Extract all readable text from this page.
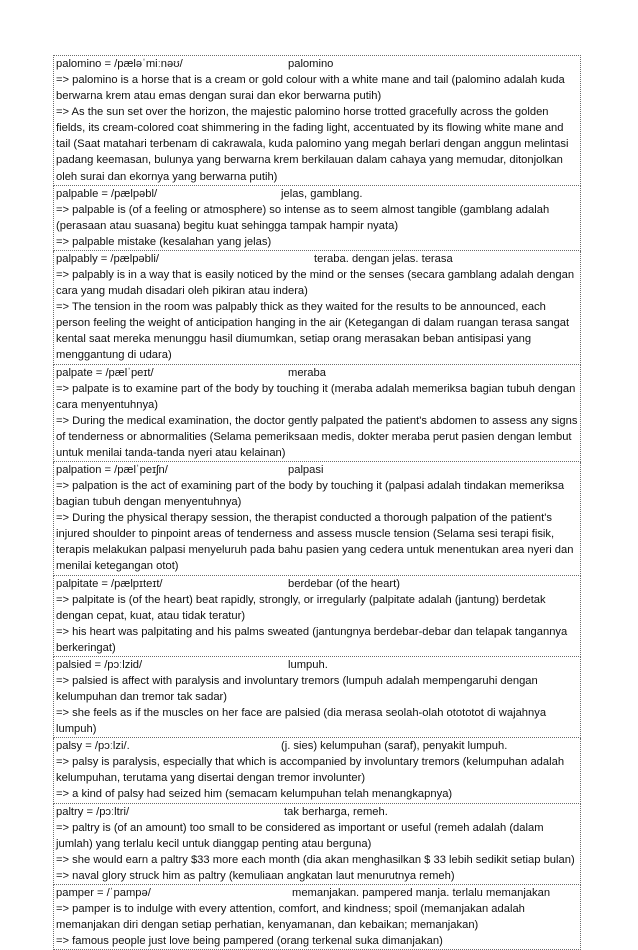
palomino = /pæləˈmiːnəʊ/	palomino
=> palomino is a horse that is a cream or gold colour with a white mane and tail (palomino adalah kuda berwarna krem atau emas dengan surai dan ekor berwarna putih)
=> As the sun set over the horizon, the majestic palomino horse trotted gracefully across the golden fields, its cream-colored coat shimmering in the fading light, accentuated by its flowing white mane and tail (Saat matahari terbenam di cakrawala, kuda palomino yang megah berlari dengan anggun melintasi padang keemasan, bulunya yang berwarna krem berkilauan dalam cahaya yang memudar, ditonjolkan oleh surai dan ekornya yang berwarna putih)
palpable = /pælpəbl/	jelas, gamblang.
=> palpable is (of a feeling or atmosphere) so intense as to seem almost tangible (gamblang adalah (perasaan atau suasana) begitu kuat sehingga tampak hampir nyata)
=> palpable mistake (kesalahan yang jelas)
palpably = /pælpəbli/	teraba. dengan jelas. terasa
=> palpably is in a way that is easily noticed by the mind or the senses (secara gamblang adalah dengan cara yang mudah disadari oleh pikiran atau indera)
=> The tension in the room was palpably thick as they waited for the results to be announced, each person feeling the weight of anticipation hanging in the air (Ketegangan di dalam ruangan terasa sangat kental saat mereka menunggu hasil diumumkan, setiap orang merasakan beban antisipasi yang menggantung di udara)
palpate = /pælˈpeɪt/	meraba
=> palpate is to examine part of the body by touching it (meraba adalah memeriksa bagian tubuh dengan cara menyentuhnya)
=> During the medical examination, the doctor gently palpated the patient's abdomen to assess any signs of tenderness or abnormalities (Selama pemeriksaan medis, dokter meraba perut pasien dengan lembut untuk menilai tanda-tanda nyeri atau kelainan)
palpation = /pælˈpeɪʃn/	palpasi
=> palpation is the act of examining part of the body by touching it (palpasi adalah tindakan memeriksa bagian tubuh dengan menyentuhnya)
=> During the physical therapy session, the therapist conducted a thorough palpation of the patient's injured shoulder to pinpoint areas of tenderness and assess muscle tension (Selama sesi terapi fisik, terapis melakukan palpasi menyeluruh pada bahu pasien yang cedera untuk menentukan area nyeri dan menilai ketegangan otot)
palpitate = /pælpɪteɪt/	berdebar (of the heart)
=> palpitate is (of the heart) beat rapidly, strongly, or irregularly (palpitate adalah (jantung) berdetak dengan cepat, kuat, atau tidak teratur)
=> his heart was palpitating and his palms sweated (jantungnya berdebar-debar dan telapak tangannya berkeringat)
palsied = /pɔːlzid/	lumpuh.
=> palsied is affect with paralysis and involuntary tremors (lumpuh adalah mempengaruhi dengan kelumpuhan dan tremor tak sadar)
=> she feels as if the muscles on her face are palsied (dia merasa seolah-olah otototot di wajahnya lumpuh)
palsy = /pɔːlzi/.	(j. sies) kelumpuhan (saraf), penyakit lumpuh.
=> palsy is paralysis, especially that which is accompanied by involuntary tremors (kelumpuhan adalah kelumpuhan, terutama yang disertai dengan tremor involunter)
=> a kind of palsy had seized him (semacam kelumpuhan telah menangkapnya)
paltry = /pɔːltri/	tak berharga, remeh.
=> paltry is (of an amount) too small to be considered as important or useful (remeh adalah (dalam jumlah) yang terlalu kecil untuk dianggap penting atau berguna)
=> she would earn a paltry $33 more each month (dia akan menghasilkan $ 33 lebih sedikit setiap bulan)
=> naval glory struck him as paltry (kemuliaan angkatan laut menurutnya remeh)
pamper = /ˈpampə/	memanjakan. pampered manja. terlalu memanjakan
=> pamper is to indulge with every attention, comfort, and kindness; spoil (memanjakan adalah memanjakan diri dengan setiap perhatian, kenyamanan, dan kebaikan; memanjakan)
=> famous people just love being pampered (orang terkenal suka dimanjakan)
